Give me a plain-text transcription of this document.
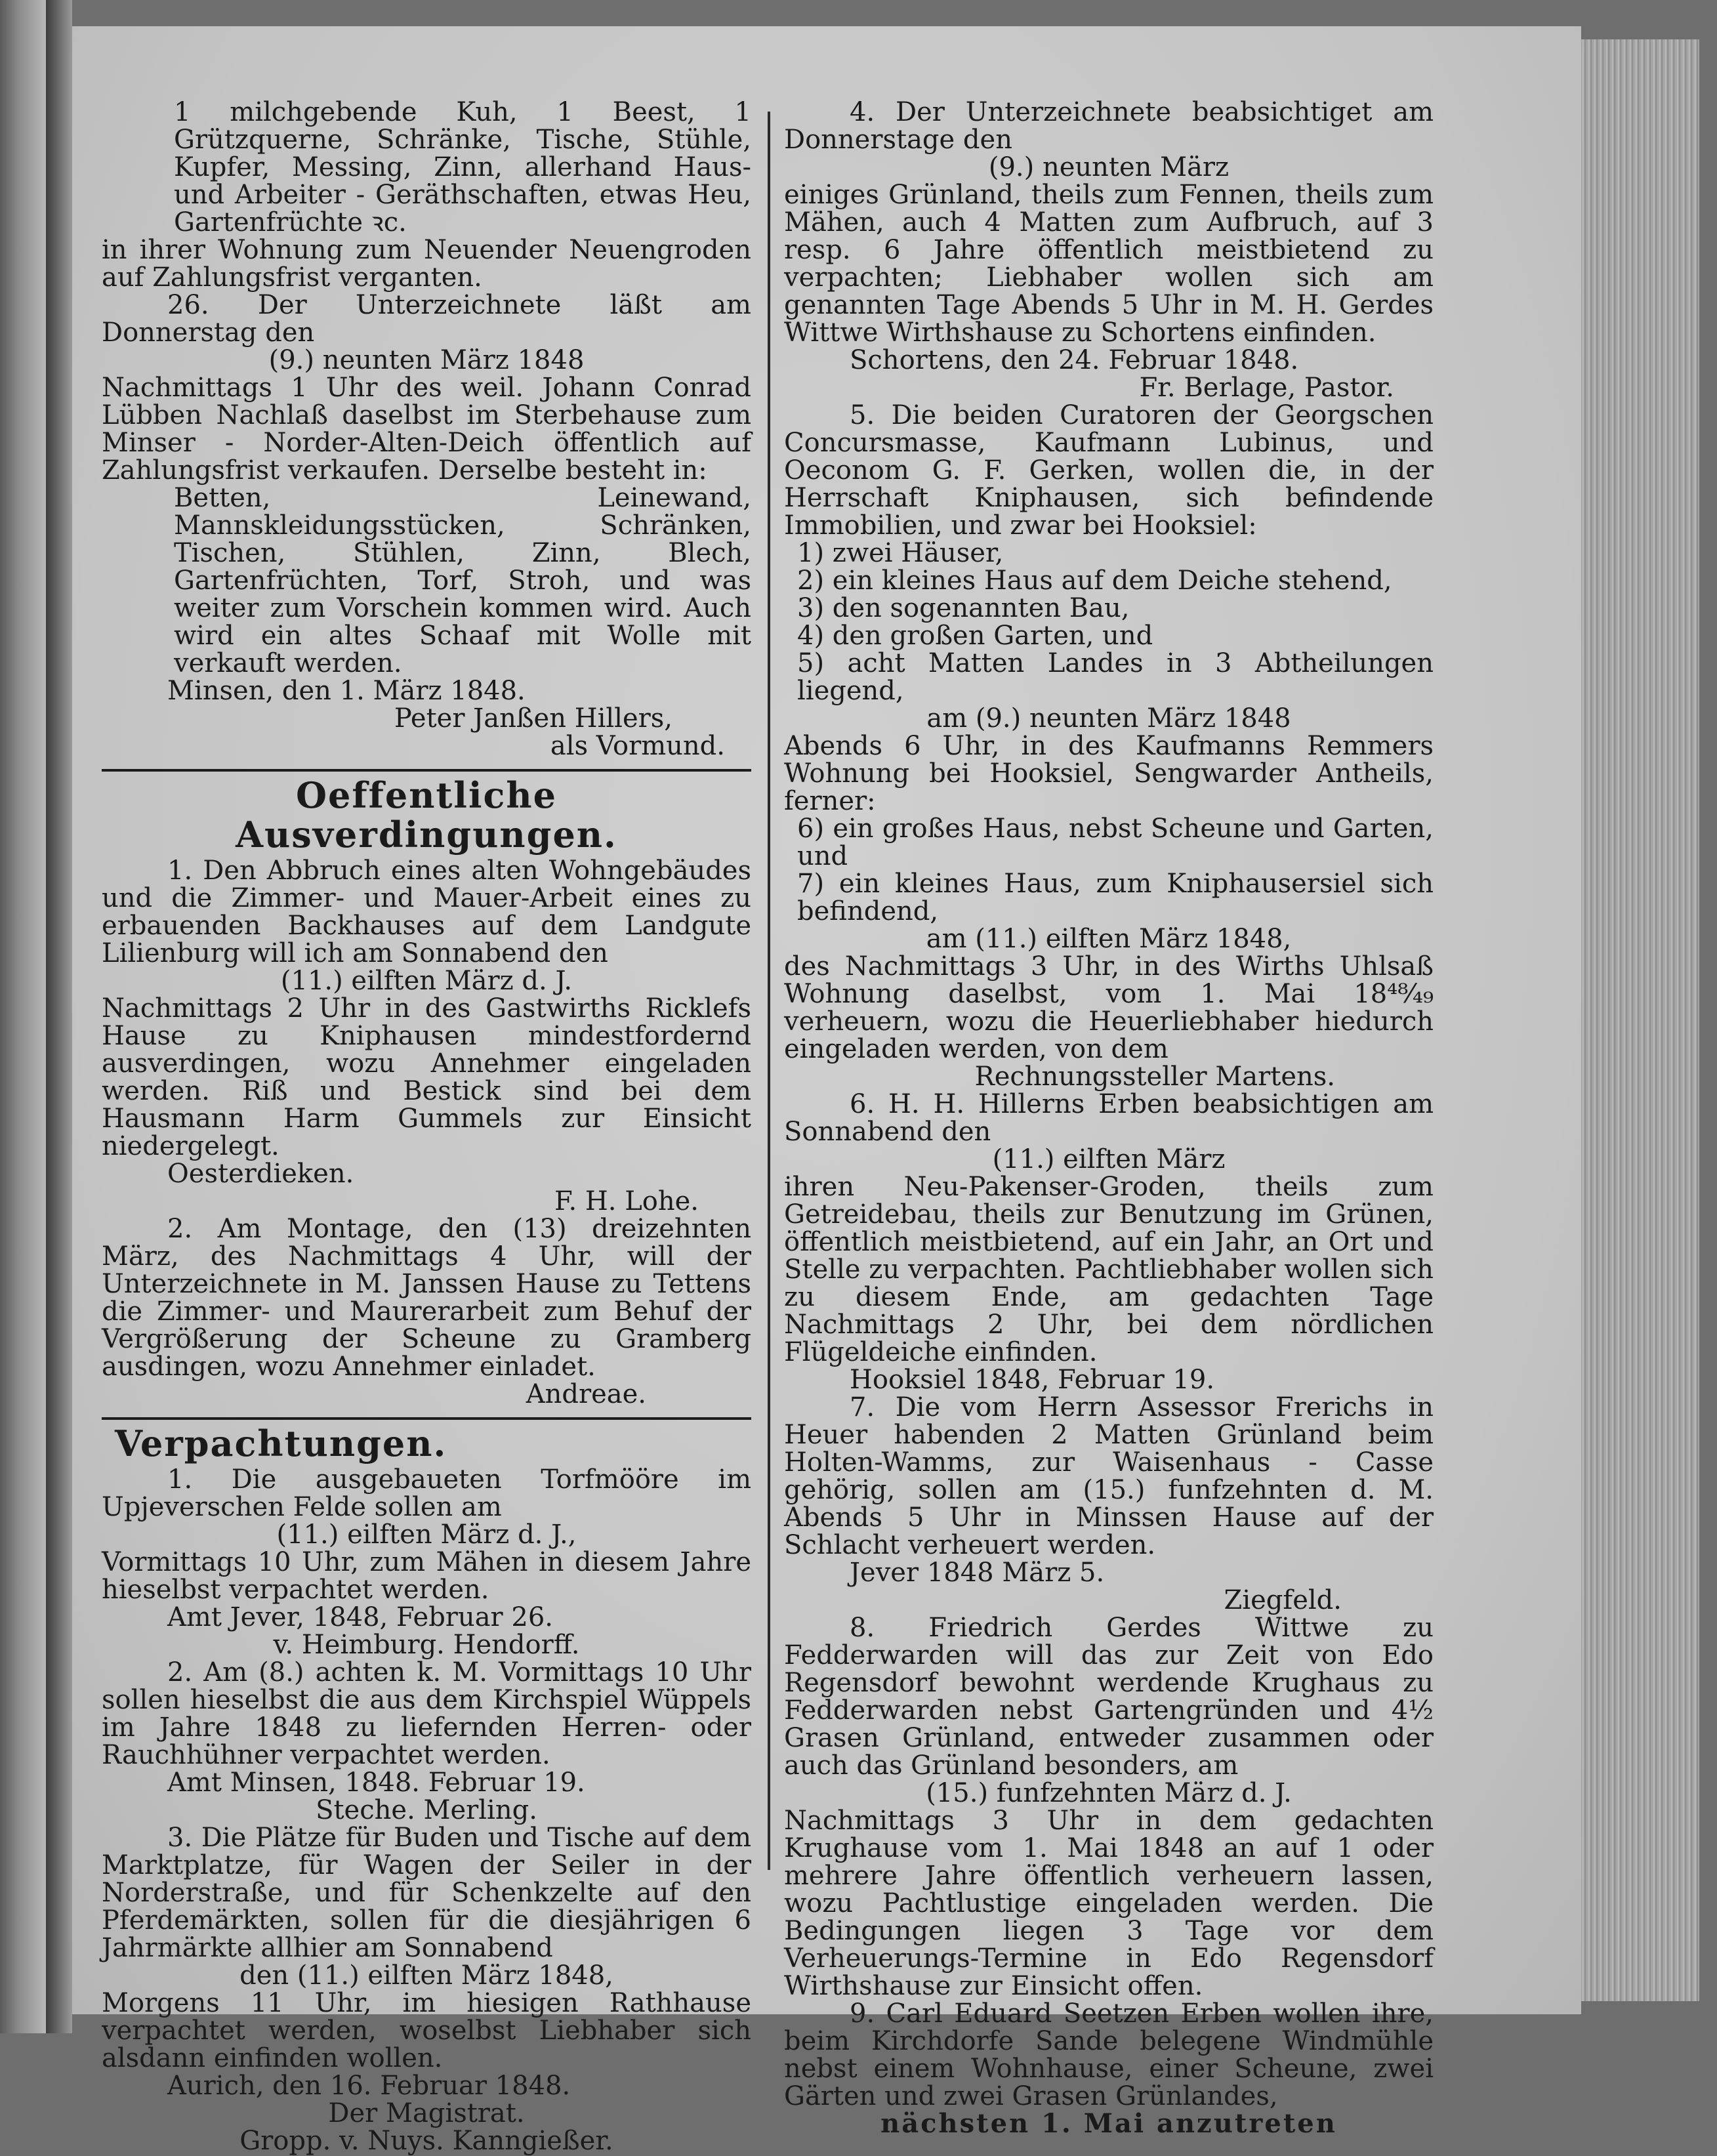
1 milchgebende Kuh, 1 Beest, 1 Grützquerne, Schränke, Tische, Stühle, Kupfer, Messing, Zinn, allerhand Haus- und Arbeiter - Geräthschaften, etwas Heu, Gartenfrüchte ꝛc.

in ihrer Wohnung zum Neuender Neuengroden auf Zahlungsfrist verganten.

26. Der Unterzeichnete läßt am Donnerstag den

(9.) neunten März 1848

Nachmittags 1 Uhr des weil. Johann Conrad Lübben Nachlaß daselbst im Sterbehause zum Minser - Norder-Alten-Deich öffentlich auf Zahlungsfrist verkaufen. Derselbe besteht in:

Betten, Leinewand, Mannskleidungsstücken, Schränken, Tischen, Stühlen, Zinn, Blech, Gartenfrüchten, Torf, Stroh, und was weiter zum Vorschein kommen wird. Auch wird ein altes Schaaf mit Wolle mit verkauft werden.

Minsen, den 1. März 1848.

Peter Janßen Hillers,

als Vormund.

Oeffentliche Ausverdingungen.

1. Den Abbruch eines alten Wohngebäudes und die Zimmer- und Mauer-Arbeit eines zu erbauenden Backhauses auf dem Landgute Lilienburg will ich am Sonnabend den

(11.) eilften März d. J.

Nachmittags 2 Uhr in des Gastwirths Ricklefs Hause zu Kniphausen mindestfordernd ausverdingen, wozu Annehmer eingeladen werden. Riß und Bestick sind bei dem Hausmann Harm Gummels zur Einsicht niedergelegt.

Oesterdieken.

F. H. Lohe.

2. Am Montage, den (13) dreizehnten März, des Nachmittags 4 Uhr, will der Unterzeichnete in M. Janssen Hause zu Tettens die Zimmer- und Maurerarbeit zum Behuf der Vergrößerung der Scheune zu Gramberg ausdingen, wozu Annehmer einladet.

Andreae.

Verpachtungen.

1. Die ausgebaueten Torfmööre im Upjeverschen Felde sollen am

(11.) eilften März d. J.,

Vormittags 10 Uhr, zum Mähen in diesem Jahre hieselbst verpachtet werden.

Amt Jever, 1848, Februar 26.

v. Heimburg. Hendorff.

2. Am (8.) achten k. M. Vormittags 10 Uhr sollen hieselbst die aus dem Kirchspiel Wüppels im Jahre 1848 zu liefernden Herren- oder Rauchhühner verpachtet werden.

Amt Minsen, 1848. Februar 19.

Steche. Merling.

3. Die Plätze für Buden und Tische auf dem Marktplatze, für Wagen der Seiler in der Norderstraße, und für Schenkzelte auf den Pferdemärkten, sollen für die diesjährigen 6 Jahrmärkte allhier am Sonnabend

den (11.) eilften März 1848,

Morgens 11 Uhr, im hiesigen Rathhause verpachtet werden, woselbst Liebhaber sich alsdann einfinden wollen.

Aurich, den 16. Februar 1848.

Der Magistrat.

Gropp. v. Nuys. Kanngießer.

4. Der Unterzeichnete beabsichtiget am Donnerstage den

(9.) neunten März

einiges Grünland, theils zum Fennen, theils zum Mähen, auch 4 Matten zum Aufbruch, auf 3 resp. 6 Jahre öffentlich meistbietend zu verpachten; Liebhaber wollen sich am genannten Tage Abends 5 Uhr in M. H. Gerdes Wittwe Wirthshause zu Schortens einfinden.

Schortens, den 24. Februar 1848.

Fr. Berlage, Pastor.

5. Die beiden Curatoren der Georgschen Concursmasse, Kaufmann Lubinus, und Oeconom G. F. Gerken, wollen die, in der Herrschaft Kniphausen, sich befindende Immobilien, und zwar bei Hooksiel:

1) zwei Häuser,

2) ein kleines Haus auf dem Deiche stehend,

3) den sogenannten Bau,

4) den großen Garten, und

5) acht Matten Landes in 3 Abtheilungen liegend,

am (9.) neunten März 1848

Abends 6 Uhr, in des Kaufmanns Remmers Wohnung bei Hooksiel, Sengwarder Antheils, ferner:

6) ein großes Haus, nebst Scheune und Garten, und

7) ein kleines Haus, zum Kniphausersiel sich befindend,

am (11.) eilften März 1848,

des Nachmittags 3 Uhr, in des Wirths Uhlsaß Wohnung daselbst, vom 1. Mai 18⁴⁸⁄₄₉ verheuern, wozu die Heuerliebhaber hiedurch eingeladen werden, von dem

Rechnungssteller Martens.

6. H. H. Hillerns Erben beabsichtigen am Sonnabend den

(11.) eilften März

ihren Neu-Pakenser-Groden, theils zum Getreidebau, theils zur Benutzung im Grünen, öffentlich meistbietend, auf ein Jahr, an Ort und Stelle zu verpachten. Pachtliebhaber wollen sich zu diesem Ende, am gedachten Tage Nachmittags 2 Uhr, bei dem nördlichen Flügeldeiche einfinden.

Hooksiel 1848, Februar 19.

7. Die vom Herrn Assessor Frerichs in Heuer habenden 2 Matten Grünland beim Holten-Wamms, zur Waisenhaus - Casse gehörig, sollen am (15.) funfzehnten d. M. Abends 5 Uhr in Minssen Hause auf der Schlacht verheuert werden.

Jever 1848 März 5.

Ziegfeld.

8. Friedrich Gerdes Wittwe zu Fedderwarden will das zur Zeit von Edo Regensdorf bewohnt werdende Krughaus zu Fedderwarden nebst Gartengründen und 4½ Grasen Grünland, entweder zusammen oder auch das Grünland besonders, am

(15.) funfzehnten März d. J.

Nachmittags 3 Uhr in dem gedachten Krughause vom 1. Mai 1848 an auf 1 oder mehrere Jahre öffentlich verheuern lassen, wozu Pachtlustige eingeladen werden. Die Bedingungen liegen 3 Tage vor dem Verheuerungs-Termine in Edo Regensdorf Wirthshause zur Einsicht offen.

9. Carl Eduard Seetzen Erben wollen ihre, beim Kirchdorfe Sande belegene Windmühle nebst einem Wohnhause, einer Scheune, zwei Gärten und zwei Grasen Grünlandes,

nächsten 1. Mai anzutreten
